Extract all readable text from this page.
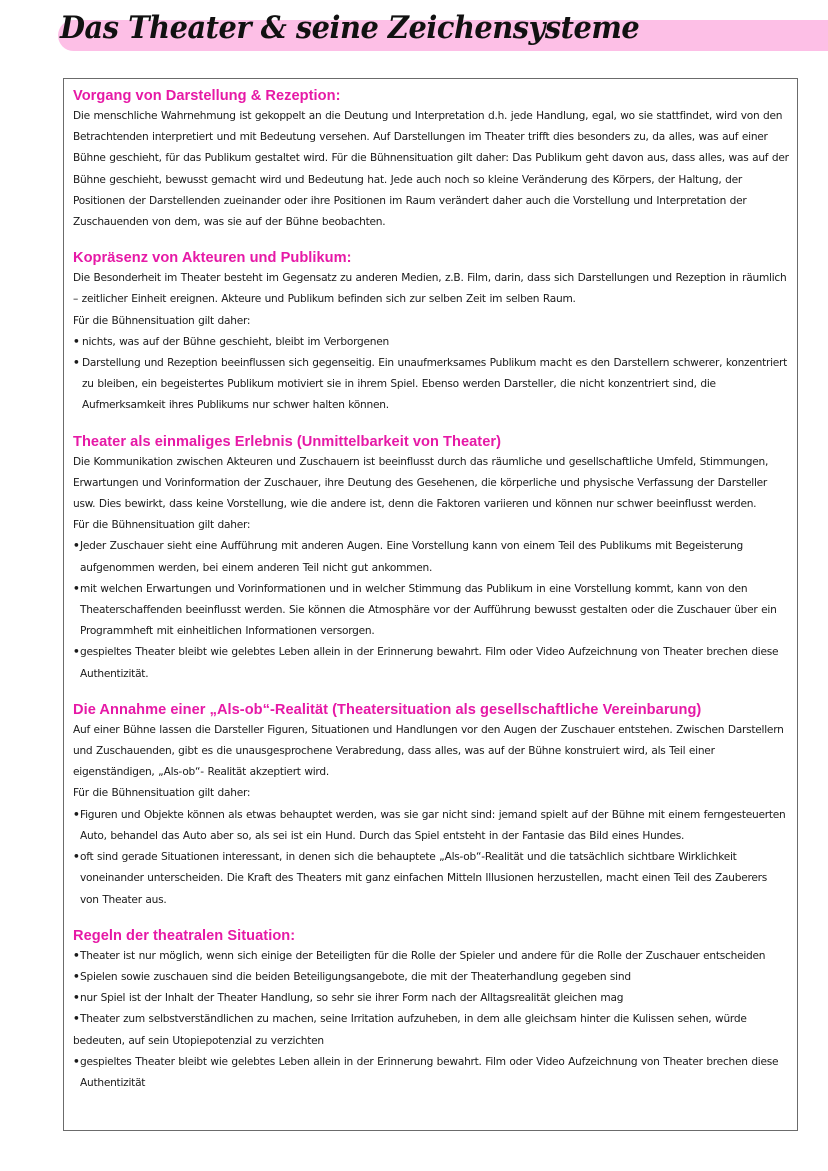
Das Theater & seine Zeichensysteme
Vorgang von Darstellung & Rezeption:

Die menschliche Wahrnehmung ist gekoppelt an die Deutung und Interpretation d.h. jede Handlung, egal, wo sie stattfindet, wird von den Betrachtenden interpretiert und mit Bedeutung versehen. Auf Darstellungen im Theater trifft dies besonders zu, da alles, was auf einer Bühne geschieht, für das Publikum gestaltet wird. Für die Bühnensituation gilt daher: Das Publikum geht davon aus, dass alles, was auf der Bühne geschieht, bewusst gemacht wird und Bedeutung hat. Jede auch noch so kleine Veränderung des Körpers, der Haltung, der Positionen der Darstellenden zueinander oder ihre Positionen im Raum verändert daher auch die Vorstellung und Interpretation der Zuschauenden von dem, was sie auf der Bühne beobachten.

Kopräsenz von Akteuren und Publikum:

Die Besonderheit im Theater besteht im Gegensatz zu anderen Medien, z.B. Film, darin, dass sich Darstellungen und Rezeption in räumlich – zeitlicher Einheit ereignen. Akteure und Publikum befinden sich zur selben Zeit im selben Raum.

Für die Bühnensituation gilt daher:

• nichts, was auf der Bühne geschieht, bleibt im Verborgenen
• Darstellung und Rezeption beeinflussen sich gegenseitig. Ein unaufmerksames Publikum macht es den Darstellern schwerer, konzentriert zu bleiben, ein begeistertes Publikum motiviert sie in ihrem Spiel. Ebenso werden Darsteller, die nicht konzentriert sind, die Aufmerksamkeit ihres Publikums nur schwer halten können.
Theater als einmaliges Erlebnis (Unmittelbarkeit von Theater)

Die Kommunikation zwischen Akteuren und Zuschauern ist beeinflusst durch das räumliche und gesellschaftliche Umfeld, Stimmungen, Erwartungen und Vorinformation der Zuschauer, ihre Deutung des Gesehenen, die körperliche und physische Verfassung der Darsteller usw. Dies bewirkt, dass keine Vorstellung, wie die andere ist, denn die Faktoren variieren und können nur schwer beeinflusst werden.

Für die Bühnensituation gilt daher:

•Jeder Zuschauer sieht eine Aufführung mit anderen Augen. Eine Vorstellung kann von einem Teil des Publikums mit Begeisterung aufgenommen werden, bei einem anderen Teil nicht gut ankommen.
•mit welchen Erwartungen und Vorinformationen und in welcher Stimmung das Publikum in eine Vorstellung kommt, kann von den Theaterschaffenden beeinflusst werden. Sie können die Atmosphäre vor der Aufführung bewusst gestalten oder die Zuschauer über ein Programmheft mit einheitlichen Informationen versorgen.
•gespieltes Theater bleibt wie gelebtes Leben allein in der Erinnerung bewahrt. Film oder Video Aufzeichnung von Theater brechen diese Authentizität.
Die Annahme einer „Als-ob“-Realität (Theatersituation als gesellschaftliche Vereinbarung)

Auf einer Bühne lassen die Darsteller Figuren, Situationen und Handlungen vor den Augen der Zuschauer entstehen. Zwischen Darstellern und Zuschauenden, gibt es die unausgesprochene Verabredung, dass alles, was auf der Bühne konstruiert wird, als Teil einer eigenständigen, „Als-ob“- Realität akzeptiert wird.

Für die Bühnensituation gilt daher:

•Figuren und Objekte können als etwas behauptet werden, was sie gar nicht sind: jemand spielt auf der Bühne mit einem ferngesteuerten Auto, behandel das Auto aber so, als sei ist ein Hund. Durch das Spiel entsteht in der Fantasie das Bild eines Hundes.
•oft sind gerade Situationen interessant, in denen sich die behauptete „Als-ob“-Realität und die tatsächlich sichtbare Wirklichkeit voneinander unterscheiden. Die Kraft des Theaters mit ganz einfachen Mitteln Illusionen herzustellen, macht einen Teil des Zauberers von Theater aus.
Regeln der theatralen Situation:
•Theater ist nur möglich, wenn sich einige der Beteiligten für die Rolle der Spieler und andere für die Rolle der Zuschauer entscheiden
•Spielen sowie zuschauen sind die beiden Beteiligungsangebote, die mit der Theaterhandlung gegeben sind
•nur Spiel ist der Inhalt der Theater Handlung, so sehr sie ihrer Form nach der Alltagsrealität gleichen mag
•Theater zum selbstverständlichen zu machen, seine Irritation aufzuheben, in dem alle gleichsam hinter die Kulissen sehen, würde bedeuten, auf sein Utopiepotenzial zu verzichten
•gespieltes Theater bleibt wie gelebtes Leben allein in der Erinnerung bewahrt. Film oder Video Aufzeichnung von Theater brechen diese Authentizität
